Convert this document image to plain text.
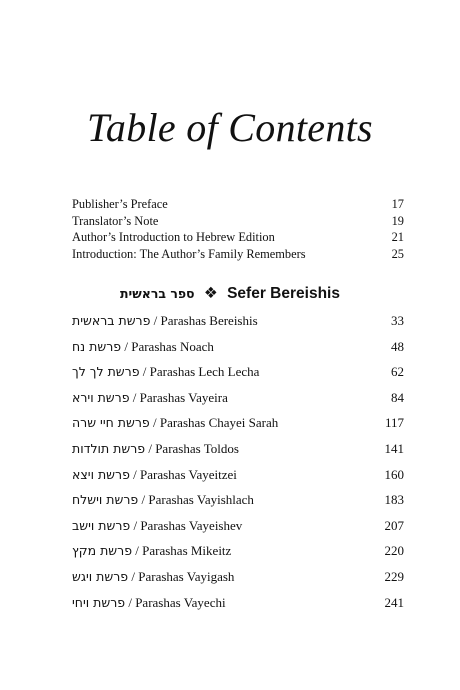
Table of Contents
Publisher’s Preface	17
Translator’s Note	19
Author’s Introduction to Hebrew Edition	21
Introduction: The Author’s Family Remembers	25
ספר בראשית ❖ Sefer Bereishis
פרשת בראשית / Parashas Bereishis	33
פרשת נח / Parashas Noach	48
פרשת לך לך / Parashas Lech Lecha	62
פרשת וירא / Parashas Vayeira	84
פרשת חיי שרה / Parashas Chayei Sarah	117
פרשת תולדות / Parashas Toldos	141
פרשת ויצא / Parashas Vayeitzei	160
פרשת וישלח / Parashas Vayishlach	183
פרשת וישב / Parashas Vayeishev	207
פרשת מקץ / Parashas Mikeitz	220
פרשת ויגש / Parashas Vayigash	229
פרשת ויחי / Parashas Vayechi	241
